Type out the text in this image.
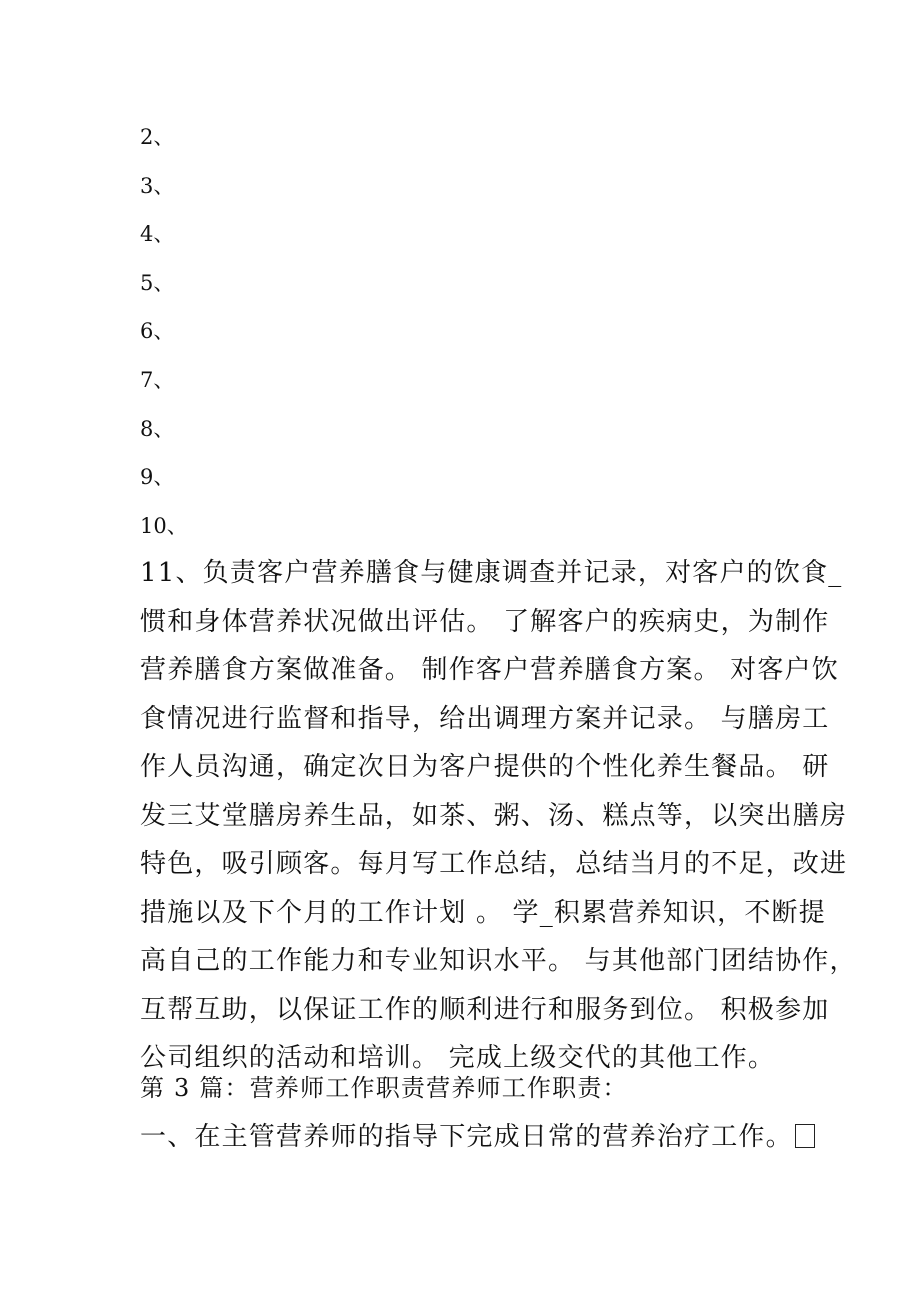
2、
3、
4、
5、
6、
7、
8、
9、
10、

11、负责客户营养膳食与健康调查并记录，对客户的饮食_
惯和身体营养状况做出评估。 了解客户的疾病史，为制作
营养膳食方案做准备。 制作客户营养膳食方案。 对客户饮
食情况进行监督和指导，给出调理方案并记录。 与膳房工
作人员沟通，确定次日为客户提供的个性化养生餐品。 研
发三艾堂膳房养生品，如茶、粥、汤、糕点等，以突出膳房
特色，吸引顾客。每月写工作总结，总结当月的不足，改进
措施以及下个月的工作计划 。 学_积累营养知识，不断提
高自己的工作能力和专业知识水平。 与其他部门团结协作，
互帮互助，以保证工作的顺利进行和服务到位。 积极参加
公司组织的活动和培训。 完成上级交代的其他工作。

第 3 篇：营养师工作职责营养师工作职责：

一、在主管营养师的指导下完成日常的营养治疗工作。
